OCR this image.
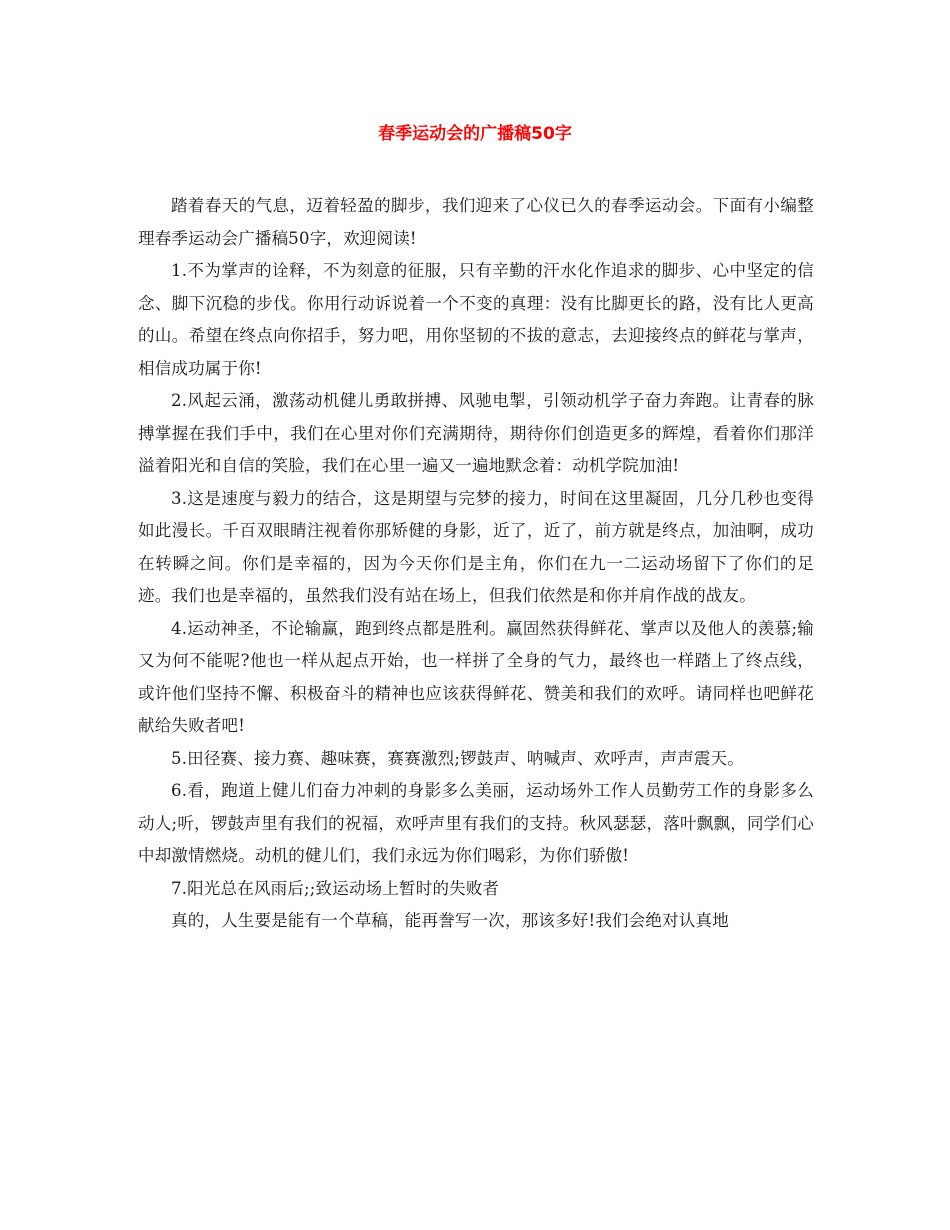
春季运动会的广播稿50字

踏着春天的气息，迈着轻盈的脚步，我们迎来了心仪已久的春季运动会。下面有小编整理春季运动会广播稿50字，欢迎阅读!

1.不为掌声的诠释，不为刻意的征服，只有辛勤的汗水化作追求的脚步、心中坚定的信念、脚下沉稳的步伐。你用行动诉说着一个不变的真理：没有比脚更长的路，没有比人更高的山。希望在终点向你招手，努力吧，用你坚韧的不拔的意志，去迎接终点的鲜花与掌声，相信成功属于你!

2.风起云涌，激荡动机健儿勇敢拼搏、风驰电掣，引领动机学子奋力奔跑。让青春的脉搏掌握在我们手中，我们在心里对你们充满期待，期待你们创造更多的辉煌，看着你们那洋溢着阳光和自信的笑脸，我们在心里一遍又一遍地默念着：动机学院加油!

3.这是速度与毅力的结合，这是期望与完梦的接力，时间在这里凝固，几分几秒也变得如此漫长。千百双眼睛注视着你那矫健的身影，近了，近了，前方就是终点，加油啊，成功在转瞬之间。你们是幸福的，因为今天你们是主角，你们在九一二运动场留下了你们的足迹。我们也是幸福的，虽然我们没有站在场上，但我们依然是和你并肩作战的战友。

4.运动神圣，不论输赢，跑到终点都是胜利。赢固然获得鲜花、掌声以及他人的羡慕;输又为何不能呢?他也一样从起点开始，也一样拼了全身的气力，最终也一样踏上了终点线，或许他们坚持不懈、积极奋斗的精神也应该获得鲜花、赞美和我们的欢呼。请同样也吧鲜花献给失败者吧!

5.田径赛、接力赛、趣味赛，赛赛激烈;锣鼓声、呐喊声、欢呼声，声声震天。

6.看，跑道上健儿们奋力冲刺的身影多么美丽，运动场外工作人员勤劳工作的身影多么动人;听，锣鼓声里有我们的祝福，欢呼声里有我们的支持。秋风瑟瑟，落叶飘飘，同学们心中却激情燃烧。动机的健儿们，我们永远为你们喝彩，为你们骄傲!

7.阳光总在风雨后;;致运动场上暂时的失败者

真的，人生要是能有一个草稿，能再誊写一次，那该多好!我们会绝对认真地
